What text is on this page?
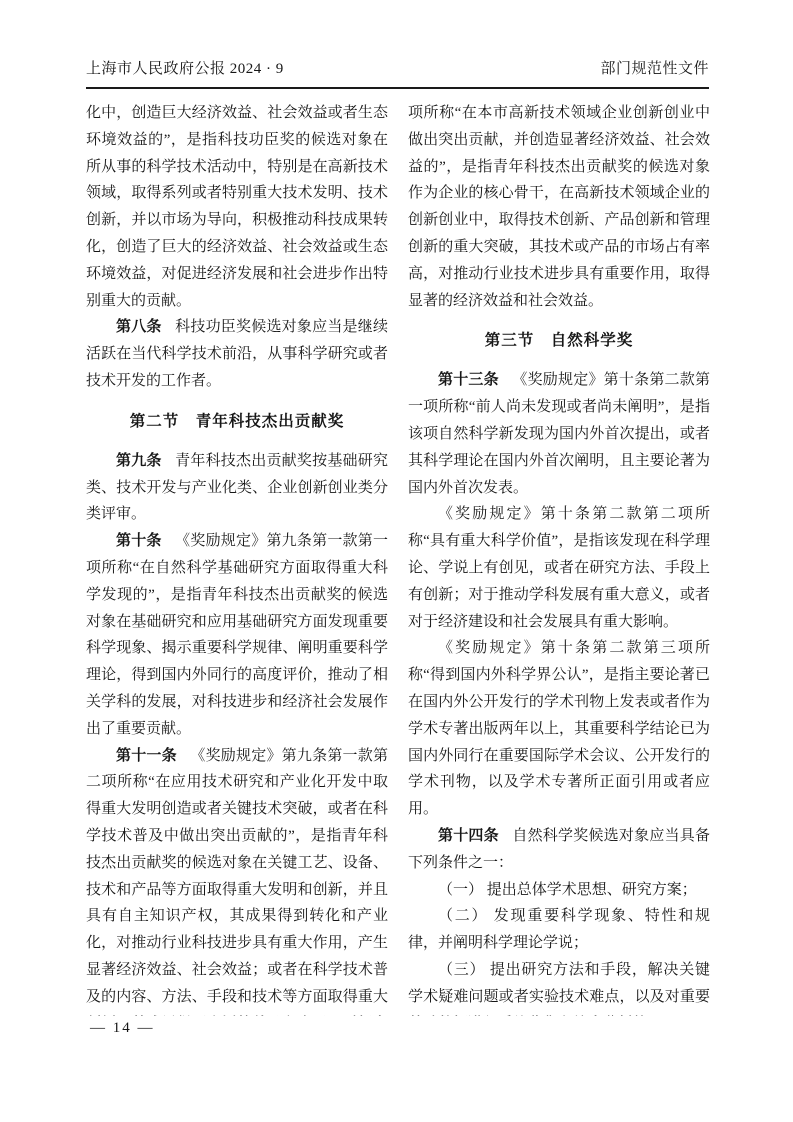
上海市人民政府公报 2024 · 9	部门规范性文件

化中，创造巨大经济效益、社会效益或者生态环境效益的”，是指科技功臣奖的候选对象在所从事的科学技术活动中，特别是在高新技术领域，取得系列或者特别重大技术发明、技术创新，并以市场为导向，积极推动科技成果转化，创造了巨大的经济效益、社会效益或生态环境效益，对促进经济发展和社会进步作出特别重大的贡献。

第八条 科技功臣奖候选对象应当是继续活跃在当代科学技术前沿，从事科学研究或者技术开发的工作者。

第二节　青年科技杰出贡献奖

第九条 青年科技杰出贡献奖按基础研究类、技术开发与产业化类、企业创新创业类分类评审。

第十条 《奖励规定》第九条第一款第一项所称“在自然科学基础研究方面取得重大科学发现的”，是指青年科技杰出贡献奖的候选对象在基础研究和应用基础研究方面发现重要科学现象、揭示重要科学规律、阐明重要科学理论，得到国内外同行的高度评价，推动了相关学科的发展，对科技进步和经济社会发展作出了重要贡献。

第十一条 《奖励规定》第九条第一款第二项所称“在应用技术研究和产业化开发中取得重大发明创造或者关键技术突破，或者在科学技术普及中做出突出贡献的”，是指青年科技杰出贡献奖的候选对象在关键工艺、设备、技术和产品等方面取得重大发明和创新，并且具有自主知识产权，其成果得到转化和产业化，对推动行业科技进步具有重大作用，产生显著经济效益、社会效益；或者在科学技术普及的内容、方法、手段和技术等方面取得重大

项所称“在本市高新技术领域企业创新创业中做出突出贡献，并创造显著经济效益、社会效益的”，是指青年科技杰出贡献奖的候选对象作为企业的核心骨干，在高新技术领域企业的创新创业中，取得技术创新、产品创新和管理创新的重大突破，其技术或产品的市场占有率高，对推动行业技术进步具有重要作用，取得显著的经济效益和社会效益。

第三节　自然科学奖

第十三条 《奖励规定》第十条第二款第一项所称“前人尚未发现或者尚未阐明”，是指该项自然科学新发现为国内外首次提出，或者其科学理论在国内外首次阐明，且主要论著为国内外首次发表。

《奖励规定》第十条第二款第二项所称“具有重大科学价值”，是指该发现在科学理论、学说上有创见，或者在研究方法、手段上有创新；对于推动学科发展有重大意义，或者对于经济建设和社会发展具有重大影响。

《奖励规定》第十条第二款第三项所称“得到国内外科学界公认”，是指主要论著已在国内外公开发行的学术刊物上发表或者作为学术专著出版两年以上，其重要科学结论已为国内外同行在重要国际学术会议、公开发行的学术刊物，以及学术专著所正面引用或者应用。

第十四条 自然科学奖候选对象应当具备下列条件之一：

（一） 提出总体学术思想、研究方案；

（二） 发现重要科学现象、特性和规律，并阐明科学理论学说；

（三） 提出研究方法和手段，解决关键学术疑难问题或者实验技术难点，以及对重要

— 14 —
